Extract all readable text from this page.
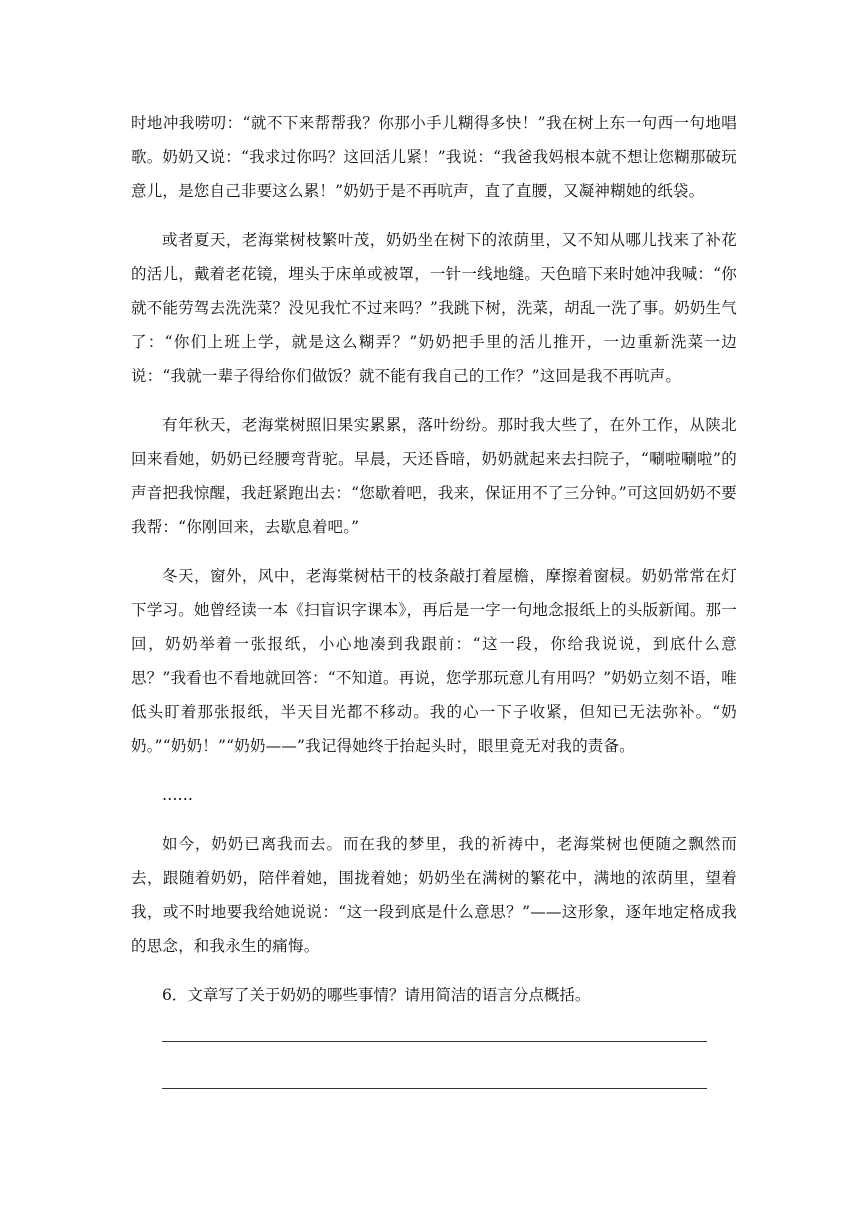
时地冲我唠叨：“就不下来帮帮我？你那小手儿糊得多快！”我在树上东一句西一句地唱歌。奶奶又说：“我求过你吗？这回活儿紧！”我说：“我爸我妈根本就不想让您糊那破玩意儿，是您自己非要这么累！”奶奶于是不再吭声，直了直腰，又凝神糊她的纸袋。

或者夏天，老海棠树枝繁叶茂，奶奶坐在树下的浓荫里，又不知从哪儿找来了补花的活儿，戴着老花镜，埋头于床单或被罩，一针一线地缝。天色暗下来时她冲我喊：“你就不能劳驾去洗洗菜？没见我忙不过来吗？”我跳下树，洗菜，胡乱一洗了事。奶奶生气了：“你们上班上学，就是这么糊弄？”奶奶把手里的活儿推开，一边重新洗菜一边说：“我就一辈子得给你们做饭？就不能有我自己的工作？”这回是我不再吭声。

有年秋天，老海棠树照旧果实累累，落叶纷纷。那时我大些了，在外工作，从陕北回来看她，奶奶已经腰弯背驼。早晨，天还昏暗，奶奶就起来去扫院子，“唰啦唰啦”的声音把我惊醒，我赶紧跑出去：“您歇着吧，我来，保证用不了三分钟。”可这回奶奶不要我帮：“你刚回来，去歇息着吧。”

冬天，窗外，风中，老海棠树枯干的枝条敲打着屋檐，摩擦着窗棂。奶奶常常在灯下学习。她曾经读一本《扫盲识字课本》，再后是一字一句地念报纸上的头版新闻。那一回，奶奶举着一张报纸，小心地凑到我跟前：“这一段，你给我说说，到底什么意思？”我看也不看地就回答：“不知道。再说，您学那玩意儿有用吗？”奶奶立刻不语，唯低头盯着那张报纸，半天目光都不移动。我的心一下子收紧，但知已无法弥补。“奶奶。”“奶奶！”“奶奶——”我记得她终于抬起头时，眼里竟无对我的责备。

……

如今，奶奶已离我而去。而在我的梦里，我的祈祷中，老海棠树也便随之飘然而去，跟随着奶奶，陪伴着她，围拢着她；奶奶坐在满树的繁花中，满地的浓荫里，望着我，或不时地要我给她说说：“这一段到底是什么意思？”——这形象，逐年地定格成我的思念，和我永生的痛悔。

6．文章写了关于奶奶的哪些事情？请用简洁的语言分点概括。
